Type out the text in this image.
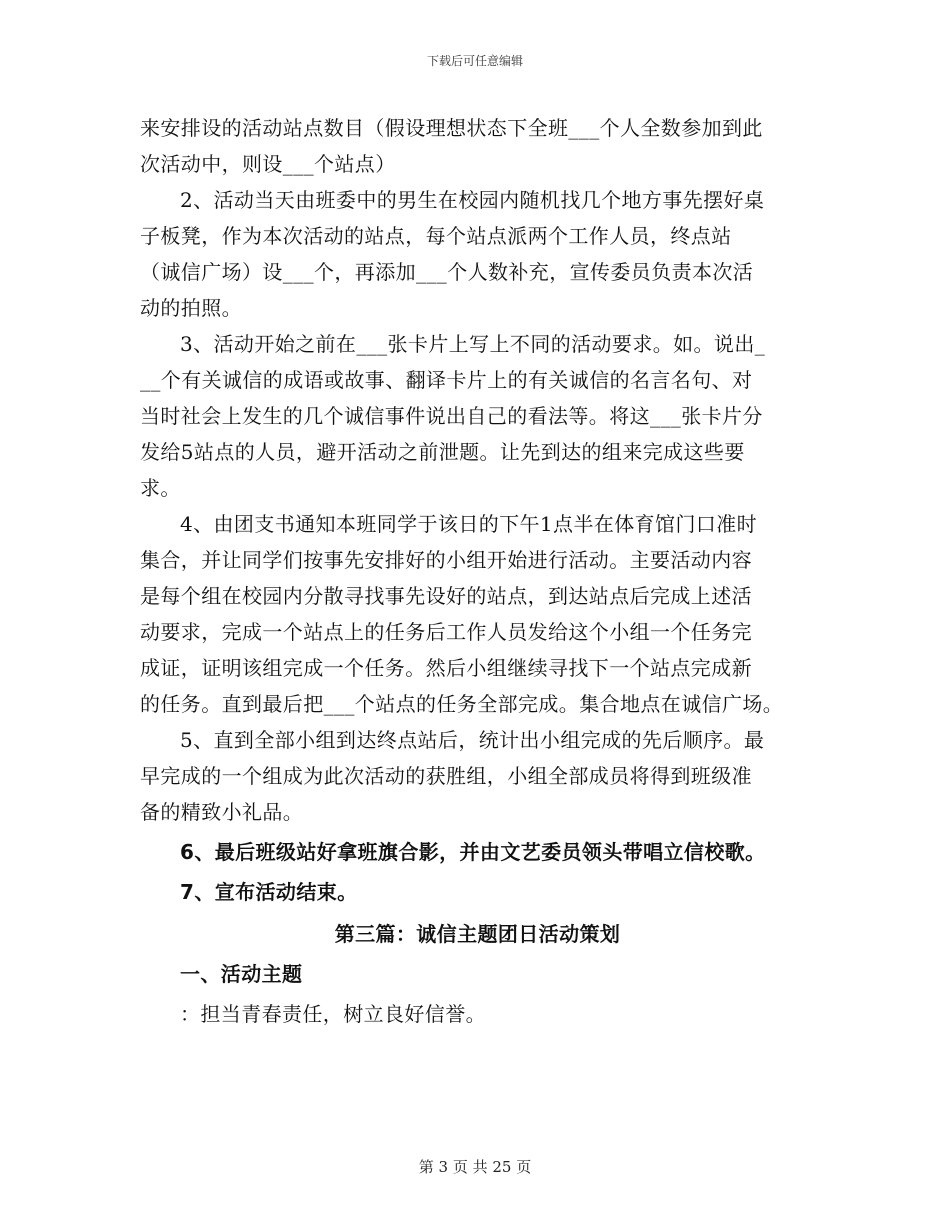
下载后可任意编辑
来安排设的活动站点数目（假设理想状态下全班___个人全数参加到此
次活动中，则设___个站点）
2、活动当天由班委中的男生在校园内随机找几个地方事先摆好桌
子板凳，作为本次活动的站点，每个站点派两个工作人员，终点站
（诚信广场）设___个，再添加___个人数补充，宣传委员负责本次活
动的拍照。
3、活动开始之前在___张卡片上写上不同的活动要求。如。说出_
__个有关诚信的成语或故事、翻译卡片上的有关诚信的名言名句、对
当时社会上发生的几个诚信事件说出自己的看法等。将这___张卡片分
发给5站点的人员，避开活动之前泄题。让先到达的组来完成这些要
求。
4、由团支书通知本班同学于该日的下午1点半在体育馆门口准时
集合，并让同学们按事先安排好的小组开始进行活动。主要活动内容
是每个组在校园内分散寻找事先设好的站点，到达站点后完成上述活
动要求，完成一个站点上的任务后工作人员发给这个小组一个任务完
成证，证明该组完成一个任务。然后小组继续寻找下一个站点完成新
的任务。直到最后把___个站点的任务全部完成。集合地点在诚信广场。
5、直到全部小组到达终点站后，统计出小组完成的先后顺序。最
早完成的一个组成为此次活动的获胜组，小组全部成员将得到班级准
备的精致小礼品。
6、最后班级站好拿班旗合影，并由文艺委员领头带唱立信校歌。
7、宣布活动结束。
第三篇：诚信主题团日活动策划
一、活动主题
：担当青春责任，树立良好信誉。
第 3 页 共 25 页
